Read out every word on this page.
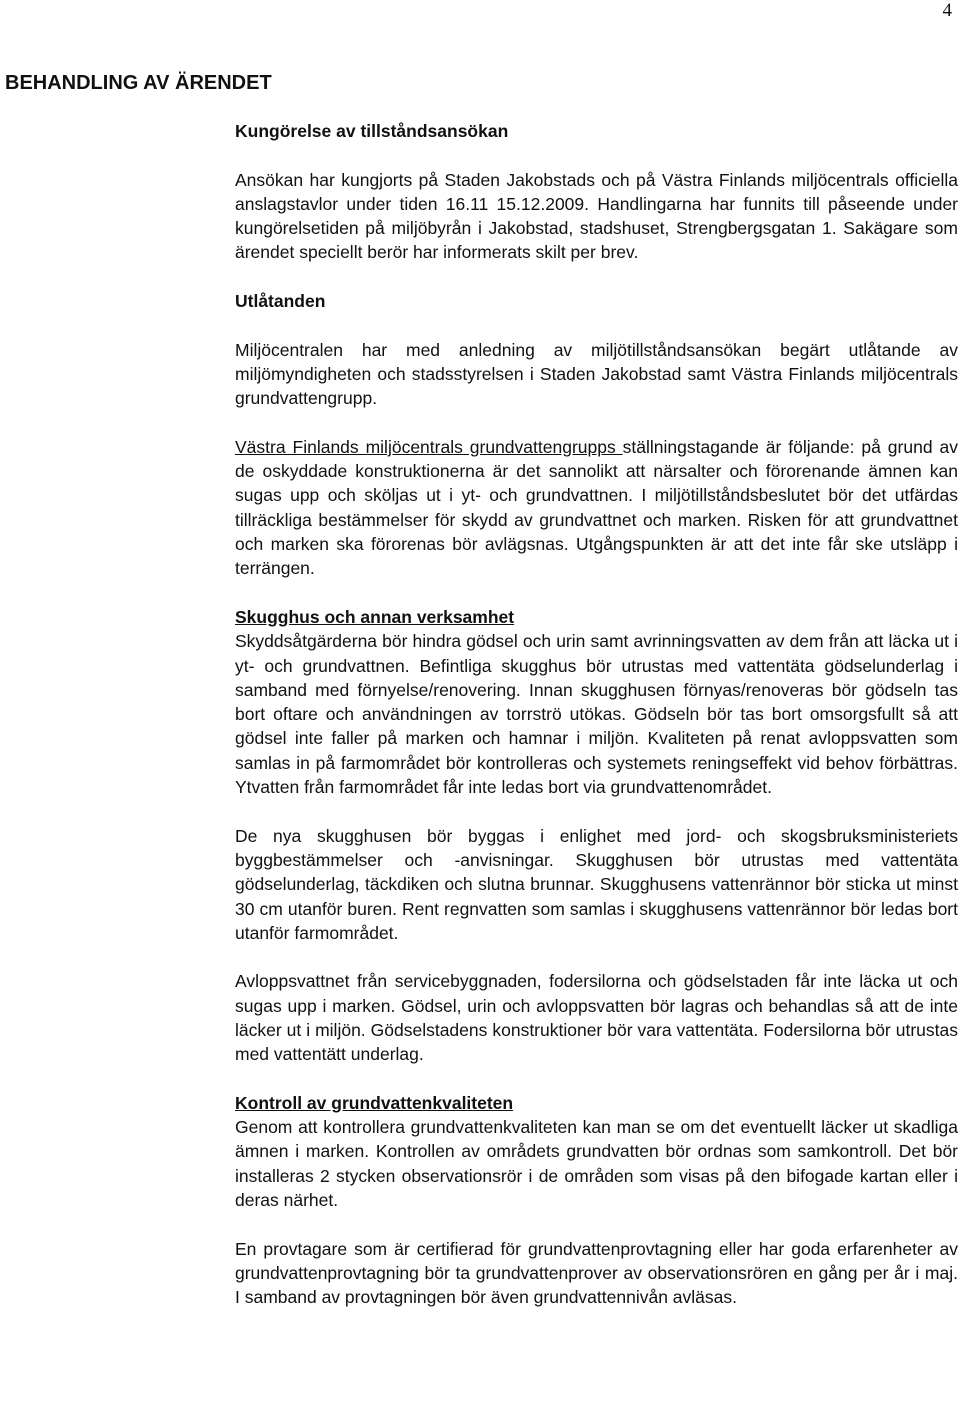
4
BEHANDLING AV ÄRENDET
Kungörelse av tillståndsansökan

Ansökan har kungjorts på Staden Jakobstads och på Västra Finlands miljöcentrals officiella anslagstavlor under tiden 16.11 15.12.2009. Handlingarna har funnits till påseende under kungörelsetiden på miljöbyrån i Jakobstad, stadshuset, Strengbergsgatan 1. Sakägare som ärendet speciellt berör har informerats skilt per brev.

Utlåtanden

Miljöcentralen har med anledning av miljötillståndsansökan begärt utlåtande av miljömyndigheten och stadsstyrelsen i Staden Jakobstad samt Västra Finlands miljöcentrals grundvattengrupp.

Västra Finlands miljöcentrals grundvattengrupps ställningstagande är följande: på grund av de oskyddade konstruktionerna är det sannolikt att närsalter och förorenande ämnen kan sugas upp och sköljas ut i yt- och grundvattnen. I miljötillståndsbeslutet bör det utfärdas tillräckliga bestämmelser för skydd av grundvattnet och marken. Risken för att grundvattnet och marken ska förorenas bör avlägsnas. Utgångspunkten är att det inte får ske utsläpp i terrängen.

Skugghus och annan verksamhet

Skyddsåtgärderna bör hindra gödsel och urin samt avrinningsvatten av dem från att läcka ut i yt- och grundvattnen. Befintliga skugghus bör utrustas med vattentäta gödselunderlag i samband med förnyelse/renovering. Innan skugghusen förnyas/renoveras bör gödseln tas bort oftare och användningen av torrströ utökas. Gödseln bör tas bort omsorgsfullt så att gödsel inte faller på marken och hamnar i miljön. Kvaliteten på renat avloppsvatten som samlas in på farmområdet bör kontrolleras och systemets reningseffekt vid behov förbättras. Ytvatten från farmområdet får inte ledas bort via grundvattenområdet.

De nya skugghusen bör byggas i enlighet med jord- och skogsbruksministeriets byggbestämmelser och -anvisningar. Skugghusen bör utrustas med vattentäta gödselunderlag, täckdiken och slutna brunnar. Skugghusens vattenrännor bör sticka ut minst 30 cm utanför buren. Rent regnvatten som samlas i skugghusens vattenrännor bör ledas bort utanför farmområdet.

Avloppsvattnet från servicebyggnaden, fodersilorna och gödselstaden får inte läcka ut och sugas upp i marken. Gödsel, urin och avloppsvatten bör lagras och behandlas så att de inte läcker ut i miljön. Gödselstadens konstruktioner bör vara vattentäta. Fodersilorna bör utrustas med vattentätt underlag.

Kontroll av grundvattenkvaliteten

Genom att kontrollera grundvattenkvaliteten kan man se om det eventuellt läcker ut skadliga ämnen i marken. Kontrollen av områdets grundvatten bör ordnas som samkontroll. Det bör installeras 2 stycken observationsrör i de områden som visas på den bifogade kartan eller i deras närhet.

En provtagare som är certifierad för grundvattenprovtagning eller har goda erfarenheter av grundvattenprovtagning bör ta grundvattenprover av observationsrören en gång per år i maj. I samband av provtagningen bör även grundvattennivån avläsas.
